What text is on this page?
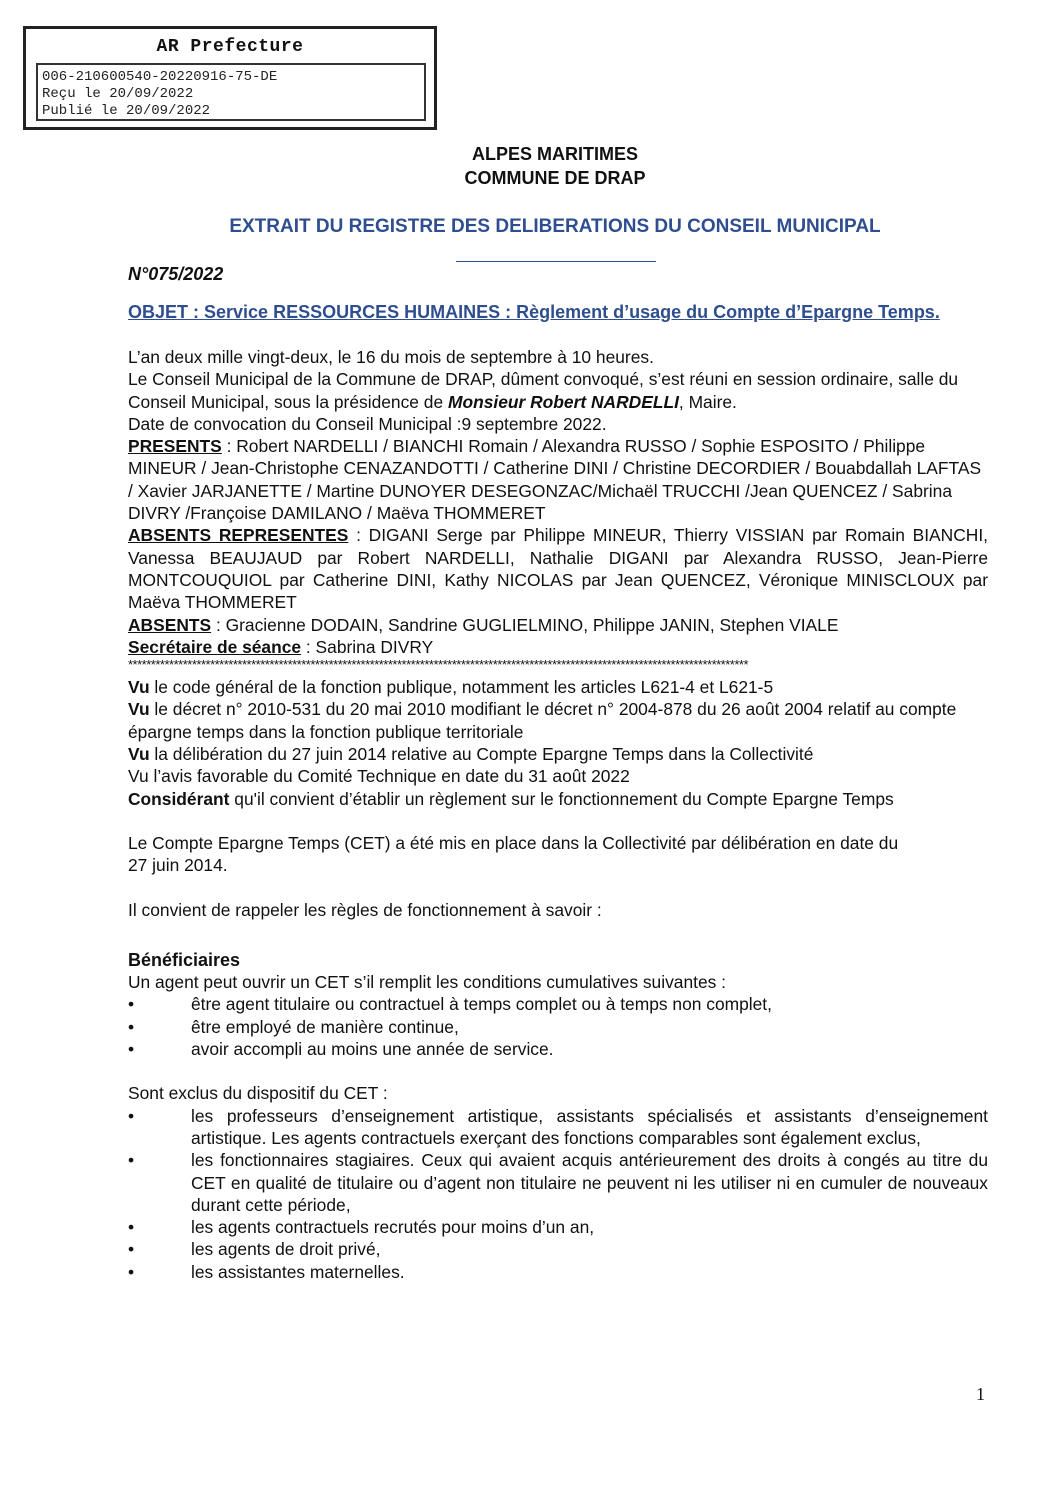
AR Prefecture
006-210600540-20220916-75-DE
Reçu le 20/09/2022
Publié le 20/09/2022
ALPES MARITIMES
COMMUNE DE DRAP
EXTRAIT DU REGISTRE DES DELIBERATIONS DU CONSEIL MUNICIPAL
N°075/2022
OBJET : Service RESSOURCES HUMAINES : Règlement d’usage du Compte d’Epargne Temps.

L’an deux mille vingt-deux, le 16 du mois de septembre à 10 heures.

Le Conseil Municipal de la Commune de DRAP, dûment convoqué, s’est réuni en session ordinaire, salle du Conseil Municipal, sous la présidence de Monsieur Robert NARDELLI, Maire.

Date de convocation du Conseil Municipal :9 septembre 2022.

PRESENTS : Robert NARDELLI / BIANCHI Romain / Alexandra RUSSO / Sophie ESPOSITO / Philippe MINEUR / Jean-Christophe CENAZANDOTTI / Catherine DINI / Christine DECORDIER / Bouabdallah LAFTAS / Xavier JARJANETTE / Martine DUNOYER DESEGONZAC/Michaël TRUCCHI /Jean QUENCEZ / Sabrina DIVRY /Françoise DAMILANO / Maëva THOMMERET

ABSENTS REPRESENTES : DIGANI Serge par Philippe MINEUR, Thierry VISSIAN par Romain BIANCHI, Vanessa BEAUJAUD par Robert NARDELLI, Nathalie DIGANI par Alexandra RUSSO, Jean-Pierre MONTCOUQUIOL par Catherine DINI, Kathy NICOLAS par Jean QUENCEZ, Véronique MINISCLOUX par Maëva THOMMERET

ABSENTS : Gracienne DODAIN, Sandrine GUGLIELMINO, Philippe JANIN, Stephen VIALE

Secrétaire de séance : Sabrina DIVRY

****************************************************************************************************************************************

Vu le code général de la fonction publique, notamment les articles L621-4 et L621-5

Vu le décret n° 2010-531 du 20 mai 2010 modifiant le décret n° 2004-878 du 26 août 2004 relatif au compte épargne temps dans la fonction publique territoriale

Vu la délibération du 27 juin 2014 relative au Compte Epargne Temps dans la Collectivité

Vu l’avis favorable du Comité Technique en date du 31 août 2022

Considérant qu'il convient d’établir un règlement sur le fonctionnement du Compte Epargne Temps

Le Compte Epargne Temps (CET) a été mis en place dans la Collectivité par délibération en date du

27 juin 2014.

Il convient de rappeler les règles de fonctionnement à savoir :

Bénéficiaires

Un agent peut ouvrir un CET s’il remplit les conditions cumulatives suivantes :

• être agent titulaire ou contractuel à temps complet ou à temps non complet,
• être employé de manière continue,
• avoir accompli au moins une année de service.

Sont exclus du dispositif du CET :

• les professeurs d’enseignement artistique, assistants spécialisés et assistants d’enseignement artistique. Les agents contractuels exerçant des fonctions comparables sont également exclus,
• les fonctionnaires stagiaires. Ceux qui avaient acquis antérieurement des droits à congés au titre du CET en qualité de titulaire ou d’agent non titulaire ne peuvent ni les utiliser ni en cumuler de nouveaux durant cette période,
• les agents contractuels recrutés pour moins d’un an,
• les agents de droit privé,
• les assistantes maternelles.
1
